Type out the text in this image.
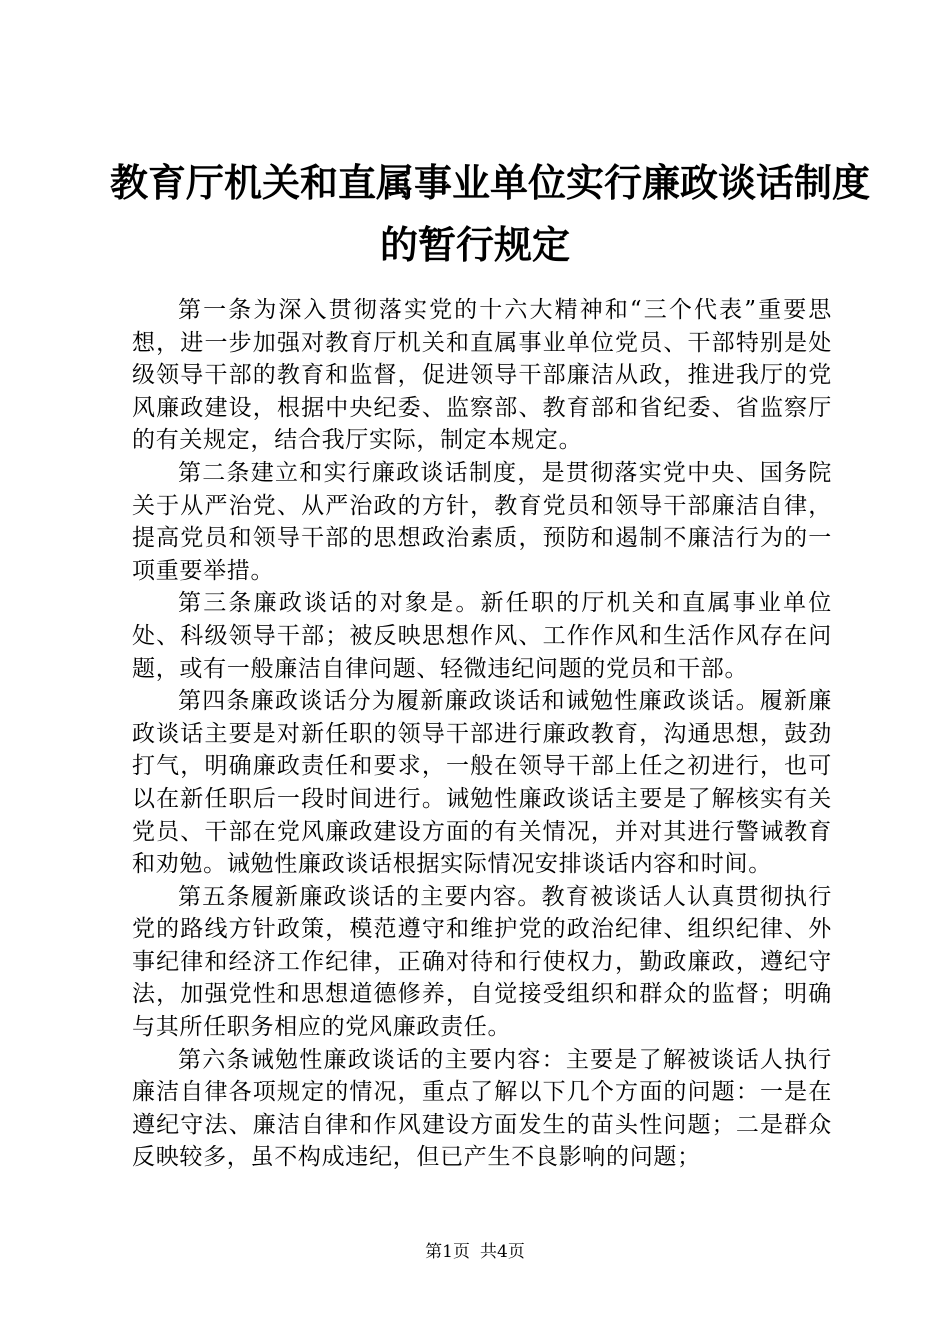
教育厅机关和直属事业单位实行廉政谈话制度
的暂行规定

第一条为深入贯彻落实党的十六大精神和“三个代表”重要思想，进一步加强对教育厅机关和直属事业单位党员、干部特别是处级领导干部的教育和监督，促进领导干部廉洁从政，推进我厅的党风廉政建设，根据中央纪委、监察部、教育部和省纪委、省监察厅的有关规定，结合我厅实际，制定本规定。

第二条建立和实行廉政谈话制度，是贯彻落实党中央、国务院关于从严治党、从严治政的方针，教育党员和领导干部廉洁自律，提高党员和领导干部的思想政治素质，预防和遏制不廉洁行为的一项重要举措。

第三条廉政谈话的对象是。新任职的厅机关和直属事业单位处、科级领导干部；被反映思想作风、工作作风和生活作风存在问题，或有一般廉洁自律问题、轻微违纪问题的党员和干部。

第四条廉政谈话分为履新廉政谈话和诫勉性廉政谈话。履新廉政谈话主要是对新任职的领导干部进行廉政教育，沟通思想，鼓劲打气，明确廉政责任和要求，一般在领导干部上任之初进行，也可以在新任职后一段时间进行。诫勉性廉政谈话主要是了解核实有关党员、干部在党风廉政建设方面的有关情况，并对其进行警诫教育和劝勉。诫勉性廉政谈话根据实际情况安排谈话内容和时间。

第五条履新廉政谈话的主要内容。教育被谈话人认真贯彻执行党的路线方针政策，模范遵守和维护党的政治纪律、组织纪律、外事纪律和经济工作纪律，正确对待和行使权力，勤政廉政，遵纪守法，加强党性和思想道德修养，自觉接受组织和群众的监督；明确与其所任职务相应的党风廉政责任。

第六条诫勉性廉政谈话的主要内容：主要是了解被谈话人执行廉洁自律各项规定的情况，重点了解以下几个方面的问题：一是在遵纪守法、廉洁自律和作风建设方面发生的苗头性问题；二是群众反映较多，虽不构成违纪，但已产生不良影响的问题；

第1页 共4页
